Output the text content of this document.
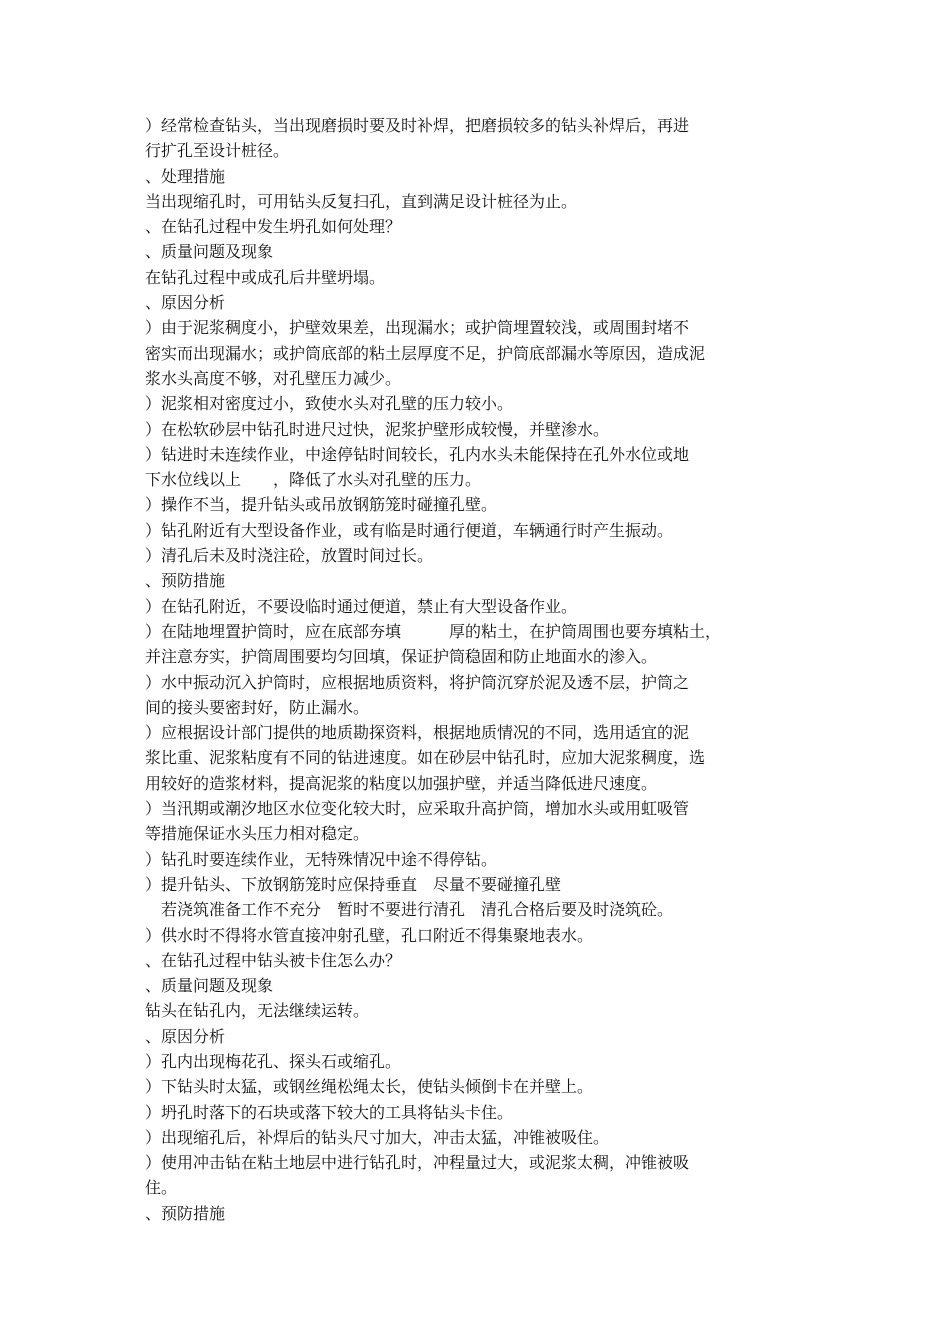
）经常检查钻头，当出现磨损时要及时补焊，把磨损较多的钻头补焊后，再进
行扩孔至设计桩径。
、处理措施
当出现缩孔时，可用钻头反复扫孔，直到满足设计桩径为止。
、在钻孔过程中发生坍孔如何处理？
、质量问题及现象
在钻孔过程中或成孔后井壁坍塌。
、原因分析
）由于泥浆稠度小，护壁效果差，出现漏水；或护筒埋置较浅，或周围封堵不
密实而出现漏水；或护筒底部的粘土层厚度不足，护筒底部漏水等原因，造成泥
浆水头高度不够，对孔壁压力减少。
）泥浆相对密度过小，致使水头对孔壁的压力较小。
）在松软砂层中钻孔时进尺过快，泥浆护壁形成较慢，并壁渗水。
）钻进时未连续作业，中途停钻时间较长，孔内水头未能保持在孔外水位或地
下水位线以上　　，降低了水头对孔壁的压力。
）操作不当，提升钻头或吊放钢筋笼时碰撞孔壁。
）钻孔附近有大型设备作业，或有临是时通行便道，车辆通行时产生振动。
）清孔后未及时浇注砼，放置时间过长。
、预防措施
）在钻孔附近，不要设临时通过便道，禁止有大型设备作业。
）在陆地埋置护筒时，应在底部夯填　　　厚的粘土，在护筒周围也要夯填粘土，
并注意夯实，护筒周围要均匀回填，保证护筒稳固和防止地面水的渗入。
）水中振动沉入护筒时，应根据地质资料，将护筒沉穿於泥及透不层，护筒之
间的接头要密封好，防止漏水。
）应根据设计部门提供的地质勘探资料，根据地质情况的不同，选用适宜的泥
浆比重、泥浆粘度有不同的钻进速度。如在砂层中钻孔时，应加大泥浆稠度，选
用较好的造浆材料，提高泥浆的粘度以加强护壁，并适当降低进尺速度。
）当汛期或潮汐地区水位变化较大时，应采取升高护筒，增加水头或用虹吸管
等措施保证水头压力相对稳定。
）钻孔时要连续作业，无特殊情况中途不得停钻。
）提升钻头、下放钢筋笼时应保持垂直　尽量不要碰撞孔壁
　若浇筑准备工作不充分　暂时不要进行清孔　清孔合格后要及时浇筑砼。
）供水时不得将水管直接冲射孔壁，孔口附近不得集聚地表水。
、在钻孔过程中钻头被卡住怎么办？
、质量问题及现象
钻头在钻孔内，无法继续运转。
、原因分析
）孔内出现梅花孔、探头石或缩孔。
）下钻头时太猛，或钢丝绳松绳太长，使钻头倾倒卡在并壁上。
）坍孔时落下的石块或落下较大的工具将钻头卡住。
）出现缩孔后，补焊后的钻头尺寸加大，冲击太猛，冲锥被吸住。
）使用冲击钻在粘土地层中进行钻孔时，冲程量过大，或泥浆太稠，冲锥被吸
住。
、预防措施
